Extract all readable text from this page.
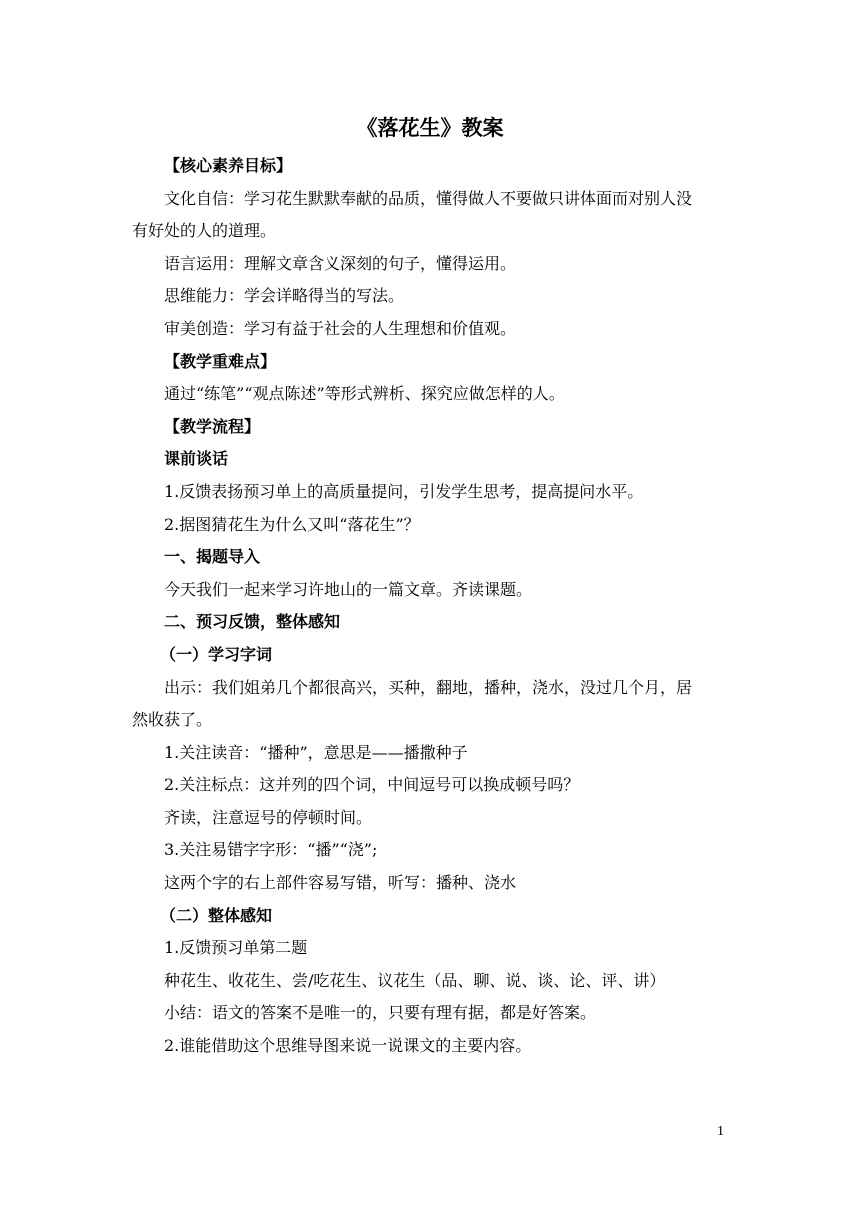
《落花生》教案

【核心素养目标】

文化自信：学习花生默默奉献的品质，懂得做人不要做只讲体面而对别人没
有好处的人的道理。

语言运用：理解文章含义深刻的句子，懂得运用。

思维能力：学会详略得当的写法。

审美创造：学习有益于社会的人生理想和价值观。

【教学重难点】

通过“练笔”“观点陈述”等形式辨析、探究应做怎样的人。

【教学流程】

课前谈话

1.反馈表扬预习单上的高质量提问，引发学生思考，提高提问水平。

2.据图猜花生为什么又叫“落花生”？

一、揭题导入

今天我们一起来学习许地山的一篇文章。齐读课题。

二、预习反馈，整体感知

（一）学习字词

出示：我们姐弟几个都很高兴，买种，翻地，播种，浇水，没过几个月，居
然收获了。

1.关注读音：“播种”，意思是——播撒种子

2.关注标点：这并列的四个词，中间逗号可以换成顿号吗？

齐读，注意逗号的停顿时间。

3.关注易错字字形：“播”“浇”;

这两个字的右上部件容易写错，听写：播种、浇水

（二）整体感知

1.反馈预习单第二题

种花生、收花生、尝/吃花生、议花生（品、聊、说、谈、论、评、讲）

小结：语文的答案不是唯一的，只要有理有据，都是好答案。

2.谁能借助这个思维导图来说一说课文的主要内容。

1
